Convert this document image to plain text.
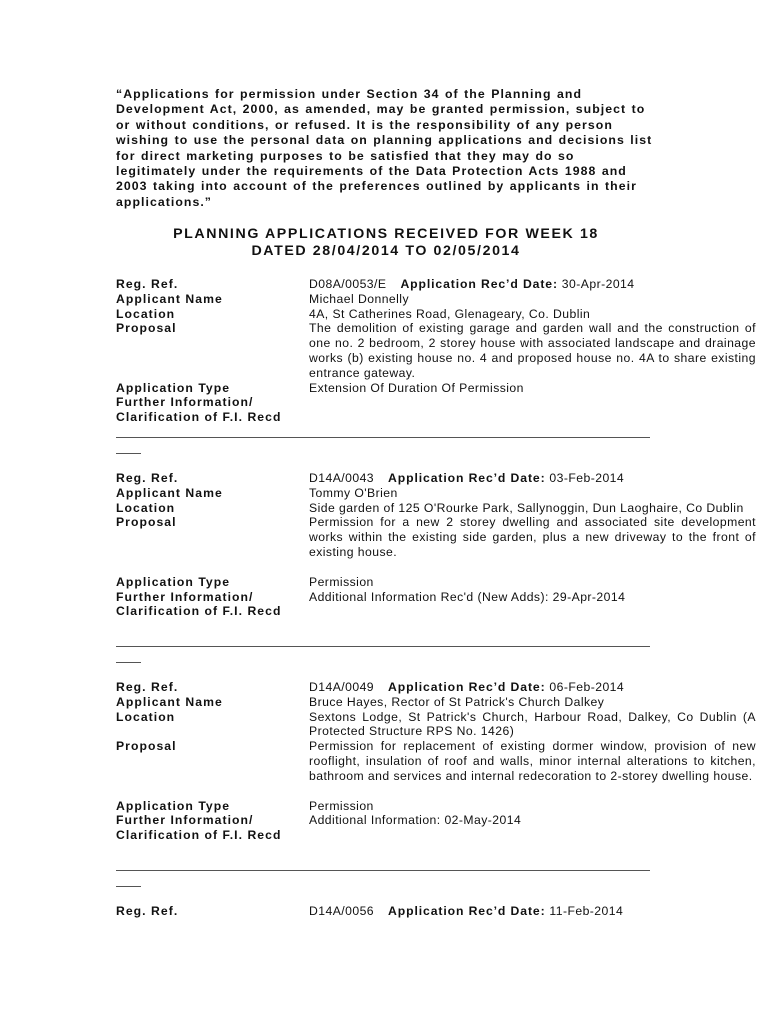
“Applications for permission under Section 34 of the Planning and Development Act, 2000, as amended, may be granted permission, subject to or without conditions, or refused. It is the responsibility of any person wishing to use the personal data on planning applications and decisions list for direct marketing purposes to be satisfied that they may do so legitimately under the requirements of the Data Protection Acts 1988 and 2003 taking into account of the preferences outlined by applicants in their applications.”
PLANNING APPLICATIONS RECEIVED FOR WEEK 18
DATED 28/04/2014 TO 02/05/2014
Reg. Ref.	D08A/0053/E Application Rec’d Date: 30-Apr-2014
Applicant Name	Michael Donnelly
Location	4A, St Catherines Road, Glenageary, Co. Dublin
Proposal	The demolition of existing garage and garden wall and the construction of one no. 2 bedroom, 2 storey house with associated landscape and drainage works (b) existing house no. 4 and proposed house no. 4A to share existing entrance gateway.
Application Type	Extension Of Duration Of Permission
Further Information/
Clarification of F.I. Recd
Reg. Ref.	D14A/0043 Application Rec’d Date: 03-Feb-2014
Applicant Name	Tommy O'Brien
Location	Side garden of 125 O'Rourke Park, Sallynoggin, Dun Laoghaire, Co Dublin
Proposal	Permission for a new 2 storey dwelling and associated site development works within the existing side garden, plus a new driveway to the front of existing house.
Application Type	Permission
Further Information/	Additional Information Rec'd (New Adds): 29-Apr-2014
Clarification of F.I. Recd
Reg. Ref.	D14A/0049 Application Rec’d Date: 06-Feb-2014
Applicant Name	Bruce Hayes, Rector of St Patrick's Church Dalkey
Location	Sextons Lodge, St Patrick's Church, Harbour Road, Dalkey, Co Dublin (A Protected Structure RPS No. 1426)
Proposal	Permission for replacement of existing dormer window, provision of new rooflight, insulation of roof and walls, minor internal alterations to kitchen, bathroom and services and internal redecoration to 2-storey dwelling house.
Application Type	Permission
Further Information/	Additional Information: 02-May-2014
Clarification of F.I. Recd
Reg. Ref.	D14A/0056 Application Rec’d Date: 11-Feb-2014
